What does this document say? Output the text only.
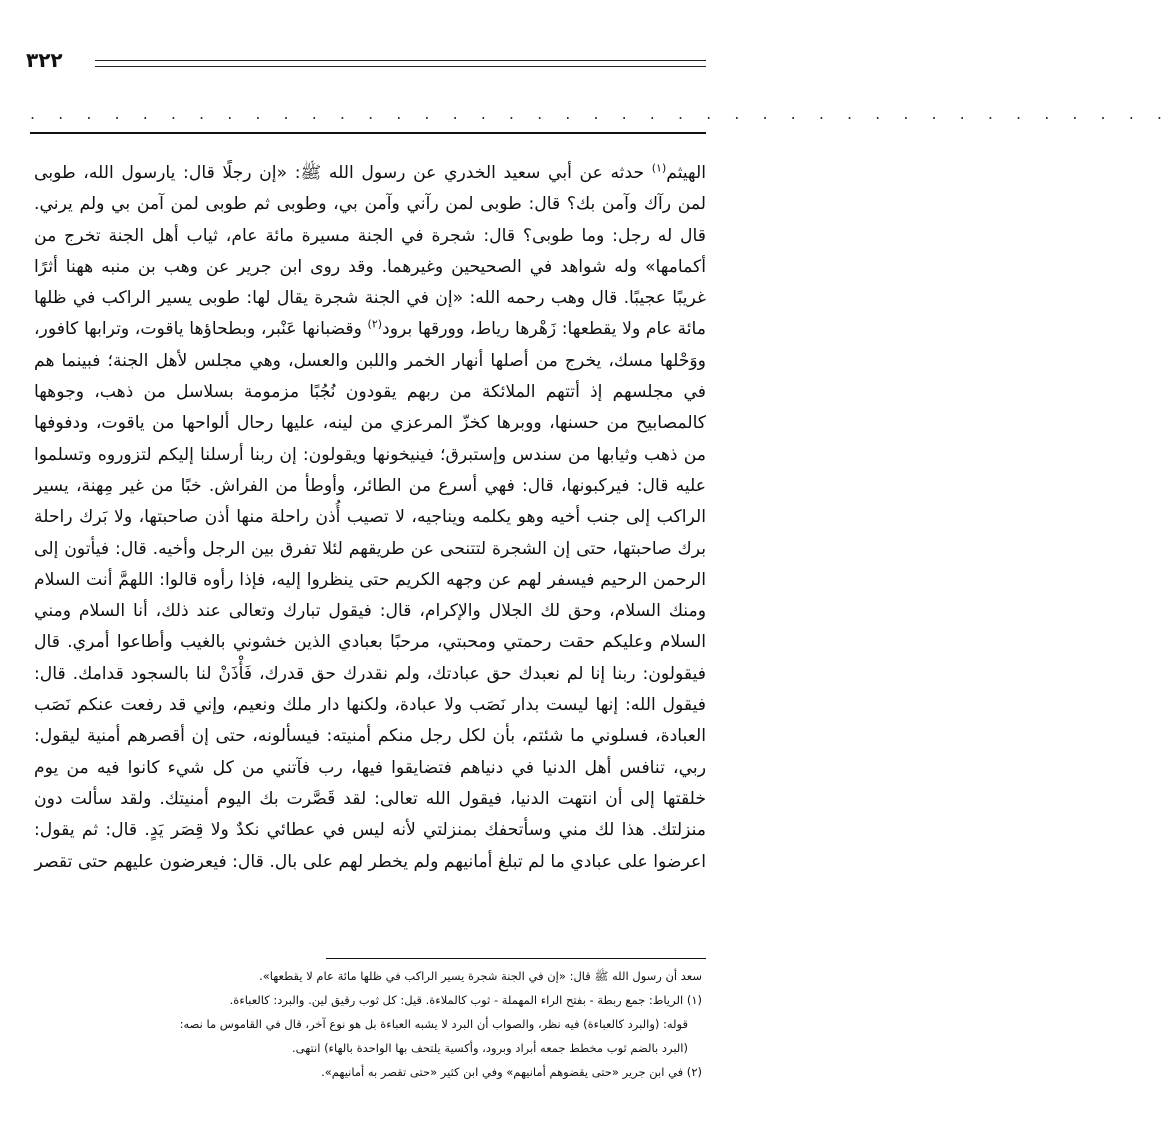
٣٢٢
. . . . . . . . . . . . . . . . . . . . . . . . . . . . . . . . . . . . . . . . .

الهيثم$^{(١)}$ حدثه عن أبي سعيد الخدري عن رسول الله ﷺ: «إن رجلًا قال: يارسول الله، طوبى لمن رآك وآمن بك؟ قال: طوبى لمن رآني وآمن بي، وطوبى ثم طوبى لمن آمن بي ولم يرني. قال له رجل: وما طوبى؟ قال: شجرة في الجنة مسيرة مائة عام، ثياب أهل الجنة تخرج من أكمامها» وله شواهد في الصحيحين وغيرهما. وقد روى ابن جرير عن وهب بن منبه ههنا أثرًا غريبًا عجيبًا. قال وهب رحمه الله: «إن في الجنة شجرة يقال لها: طوبى يسير الراكب في ظلها مائة عام ولا يقطعها: زَهْرها رياط، وورقها برود$^{(٢)}$ وقضبانها عَنْبر، وبطحاؤها ياقوت، وترابها كافور، ووَحْلها مسك، يخرج من أصلها أنهار الخمر واللبن والعسل، وهي مجلس لأهل الجنة؛ فبينما هم في مجلسهم إذ أتتهم الملائكة من ربهم يقودون نُجُبًا مزمومة بسلاسل من ذهب، وجوهها كالمصابيح من حسنها، ووبرها كخزّ المرعزي من لينه، عليها رحال ألواحها من ياقوت، ودفوفها من ذهب وثيابها من سندس وإستبرق؛ فينيخونها ويقولون: إن ربنا أرسلنا إليكم لتزوروه وتسلموا عليه قال: فيركبونها، قال: فهي أسرع من الطائر، وأوطأ من الفراش. خبًا من غير مِهنة، يسير الراكب إلى جنب أخيه وهو يكلمه ويناجيه، لا تصيب أُذن راحلة منها أذن صاحبتها، ولا بَرك راحلة برك صاحبتها، حتى إن الشجرة لتتنحى عن طريقهم لئلا تفرق بين الرجل وأخيه. قال: فيأتون إلى الرحمن الرحيم فيسفر لهم عن وجهه الكريم حتى ينظروا إليه، فإذا رأوه قالوا: اللهمَّ أنت السلام ومنك السلام، وحق لك الجلال والإكرام، قال: فيقول تبارك وتعالى عند ذلك، أنا السلام ومني السلام وعليكم حقت رحمتي ومحبتي، مرحبًا بعبادي الذين خشوني بالغيب وأطاعوا أمري. قال فيقولون: ربنا إنا لم نعبدك حق عبادتك، ولم نقدرك حق قدرك، فَأْذَنْ لنا بالسجود قدامك. قال: فيقول الله: إنها ليست بدار نَصَب ولا عبادة، ولكنها دار ملك ونعيم، وإني قد رفعت عنكم نَصَب العبادة، فسلوني ما شئتم، بأن لكل رجل منكم أمنيته: فيسألونه، حتى إن أقصرهم أمنية ليقول: ربي، تنافس أهل الدنيا في دنياهم فتضايقوا فيها، رب فآتني من كل شيء كانوا فيه من يوم خلقتها إلى أن انتهت الدنيا، فيقول الله تعالى: لقد قَصَّرت بك اليوم أمنيتك. ولقد سألت دون منزلتك. هذا لك مني وسأتحفك بمنزلتي لأنه ليس في عطائي نكدٌ ولا قِصَر يَدٍ. قال: ثم يقول: اعرضوا على عبادي ما لم تبلغ أمانيهم ولم يخطر لهم على بال. قال: فيعرضون عليهم حتى تقصر

سعد أن رسول الله ﷺ قال: «إن في الجنة شجرة يسير الراكب في ظلها مائة عام لا يقطعها».

(١) الرياط: جمع ربطة - بفتح الراء المهملة - ثوب كالملاءة. قيل: كل ثوب رقيق لين. والبرد: كالعباءة.

قوله: (والبرد كالعباءة) فيه نظر، والصواب أن البرد لا يشبه العباءة بل هو نوع آخر، قال في القاموس ما نصه:

(البرد بالضم ثوب مخطط جمعه أبراد وبرود، وأكسية يلتحف بها الواحدة بالهاء) انتهى.

(٢) في ابن جرير «حتى يقضوهم أمانيهم» وفي ابن كثير «حتى تقصر به أمانيهم».
